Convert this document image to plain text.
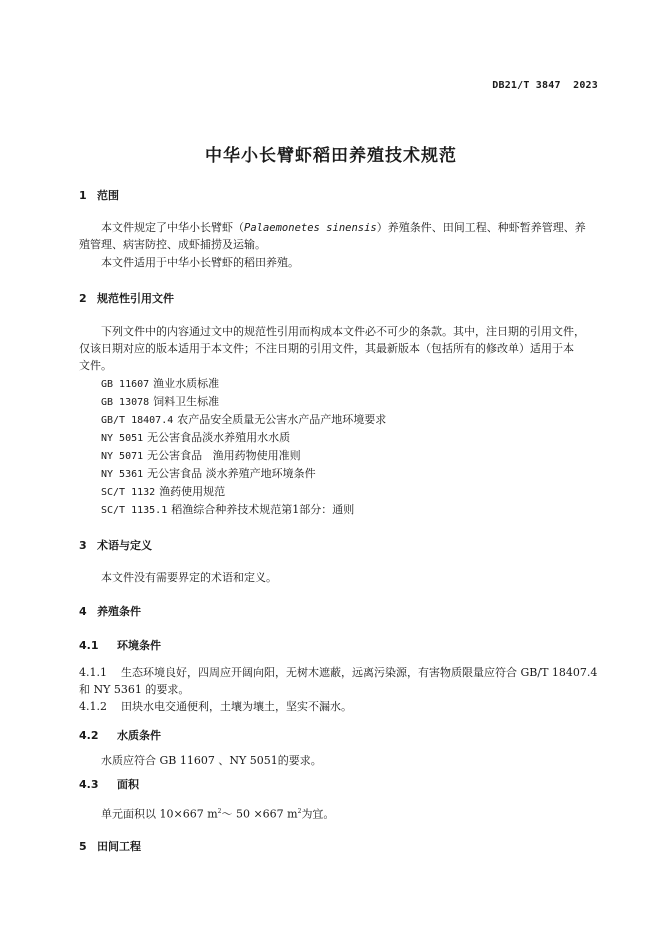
DB21/T 3847  2023
中华小长臂虾稻田养殖技术规范
1 范围
本文件规定了中华小长臂虾（Palaemonetes sinensis）养殖条件、田间工程、种虾暂养管理、养
殖管理、病害防控、成虾捕捞及运输。
本文件适用于中华小长臂虾的稻田养殖。
2 规范性引用文件
下列文件中的内容通过文中的规范性引用而构成本文件必不可少的条款。其中，注日期的引用文件，
仅该日期对应的版本适用于本文件；不注日期的引用文件，其最新版本（包括所有的修改单）适用于本
文件。
GB 11607 渔业水质标准
GB 13078 饲料卫生标准
GB/T 18407.4 农产品安全质量无公害水产品产地环境要求
NY 5051 无公害食品淡水养殖用水水质
NY 5071 无公害食品   渔用药物使用准则
NY 5361 无公害食品 淡水养殖产地环境条件
SC/T 1132 渔药使用规范
SC/T 1135.1 稻渔综合种养技术规范第1部分：通则
3 术语与定义
本文件没有需要界定的术语和定义。
4 养殖条件
4.1 环境条件
4.1.1 生态环境良好，四周应开阔向阳，无树木遮蔽，远离污染源，有害物质限量应符合 GB/T 18407.4
和 NY 5361 的要求。
4.1.2 田块水电交通便利，土壤为壤土，坚实不漏水。
4.2 水质条件
水质应符合 GB 11607 、NY 5051的要求。
4.3 面积
单元面积以 10×667 $m^2\sim$ 50 ×667 $m^2$为宜。
5 田间工程
